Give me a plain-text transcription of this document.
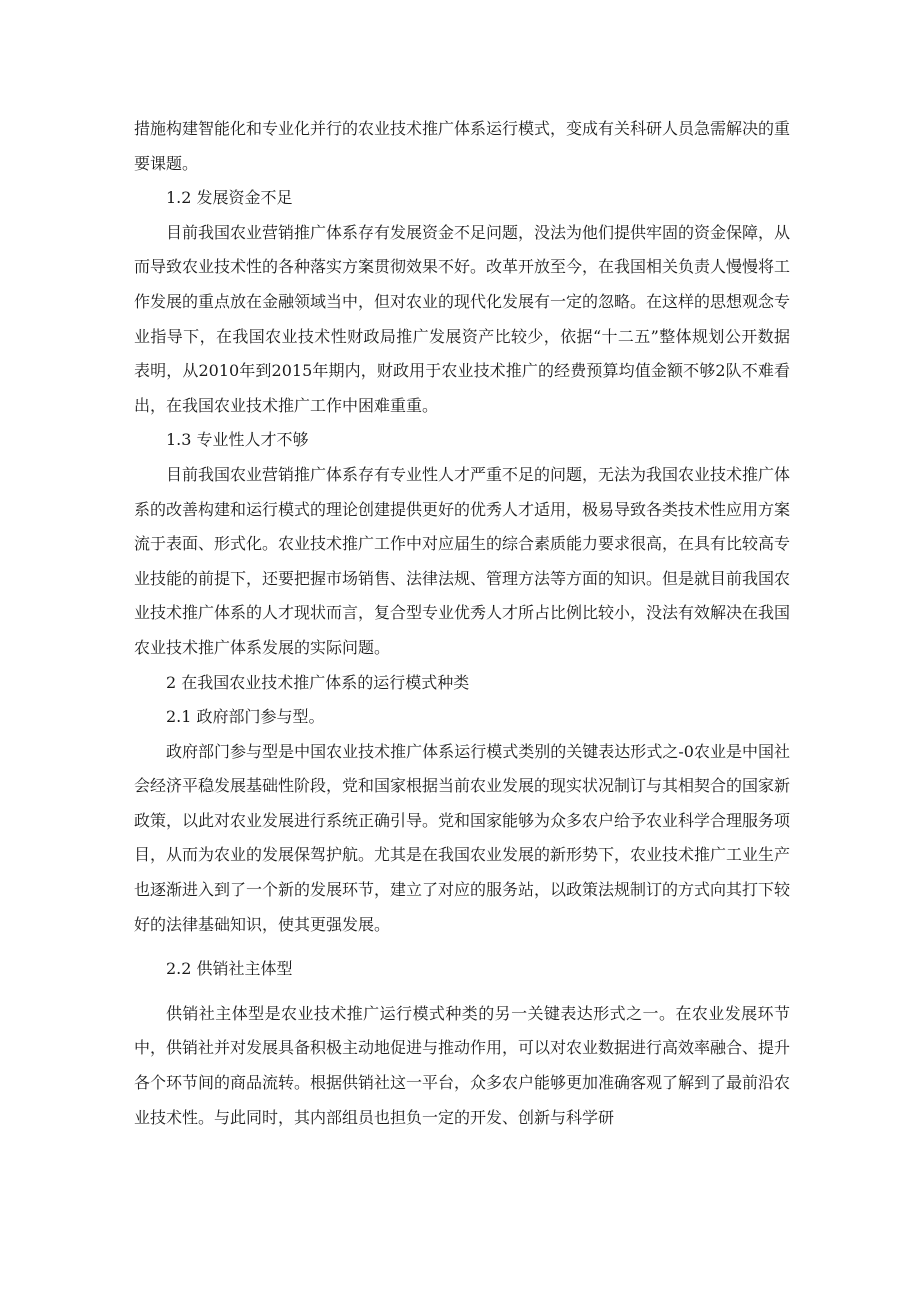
措施构建智能化和专业化并行的农业技术推广体系运行模式，变成有关科研人员急需解决的重要课题。

1.2 发展资金不足

目前我国农业营销推广体系存有发展资金不足问题，没法为他们提供牢固的资金保障，从而导致农业技术性的各种落实方案贯彻效果不好。改革开放至今，在我国相关负责人慢慢将工作发展的重点放在金融领域当中，但对农业的现代化发展有一定的忽略。在这样的思想观念专业指导下，在我国农业技术性财政局推广发展资产比较少，依据“十二五”整体规划公开数据表明，从2010年到2015年期内，财政用于农业技术推广的经费预算均值金额不够2队不难看出，在我国农业技术推广工作中困难重重。

1.3 专业性人才不够

目前我国农业营销推广体系存有专业性人才严重不足的问题，无法为我国农业技术推广体系的改善构建和运行模式的理论创建提供更好的优秀人才适用，极易导致各类技术性应用方案流于表面、形式化。农业技术推广工作中对应届生的综合素质能力要求很高，在具有比较高专业技能的前提下，还要把握市场销售、法律法规、管理方法等方面的知识。但是就目前我国农业技术推广体系的人才现状而言，复合型专业优秀人才所占比例比较小，没法有效解决在我国农业技术推广体系发展的实际问题。

2 在我国农业技术推广体系的运行模式种类

2.1 政府部门参与型。

政府部门参与型是中国农业技术推广体系运行模式类别的关键表达形式之-0农业是中国社会经济平稳发展基础性阶段，党和国家根据当前农业发展的现实状况制订与其相契合的国家新政策，以此对农业发展进行系统正确引导。党和国家能够为众多农户给予农业科学合理服务项目，从而为农业的发展保驾护航。尤其是在我国农业发展的新形势下，农业技术推广工业生产也逐渐进入到了一个新的发展环节，建立了对应的服务站，以政策法规制订的方式向其打下较好的法律基础知识，使其更强发展。

2.2 供销社主体型

供销社主体型是农业技术推广运行模式种类的另一关键表达形式之一。在农业发展环节中，供销社并对发展具备积极主动地促进与推动作用，可以对农业数据进行高效率融合、提升各个环节间的商品流转。根据供销社这一平台，众多农户能够更加准确客观了解到了最前沿农业技术性。与此同时，其内部组员也担负一定的开发、创新与科学研
